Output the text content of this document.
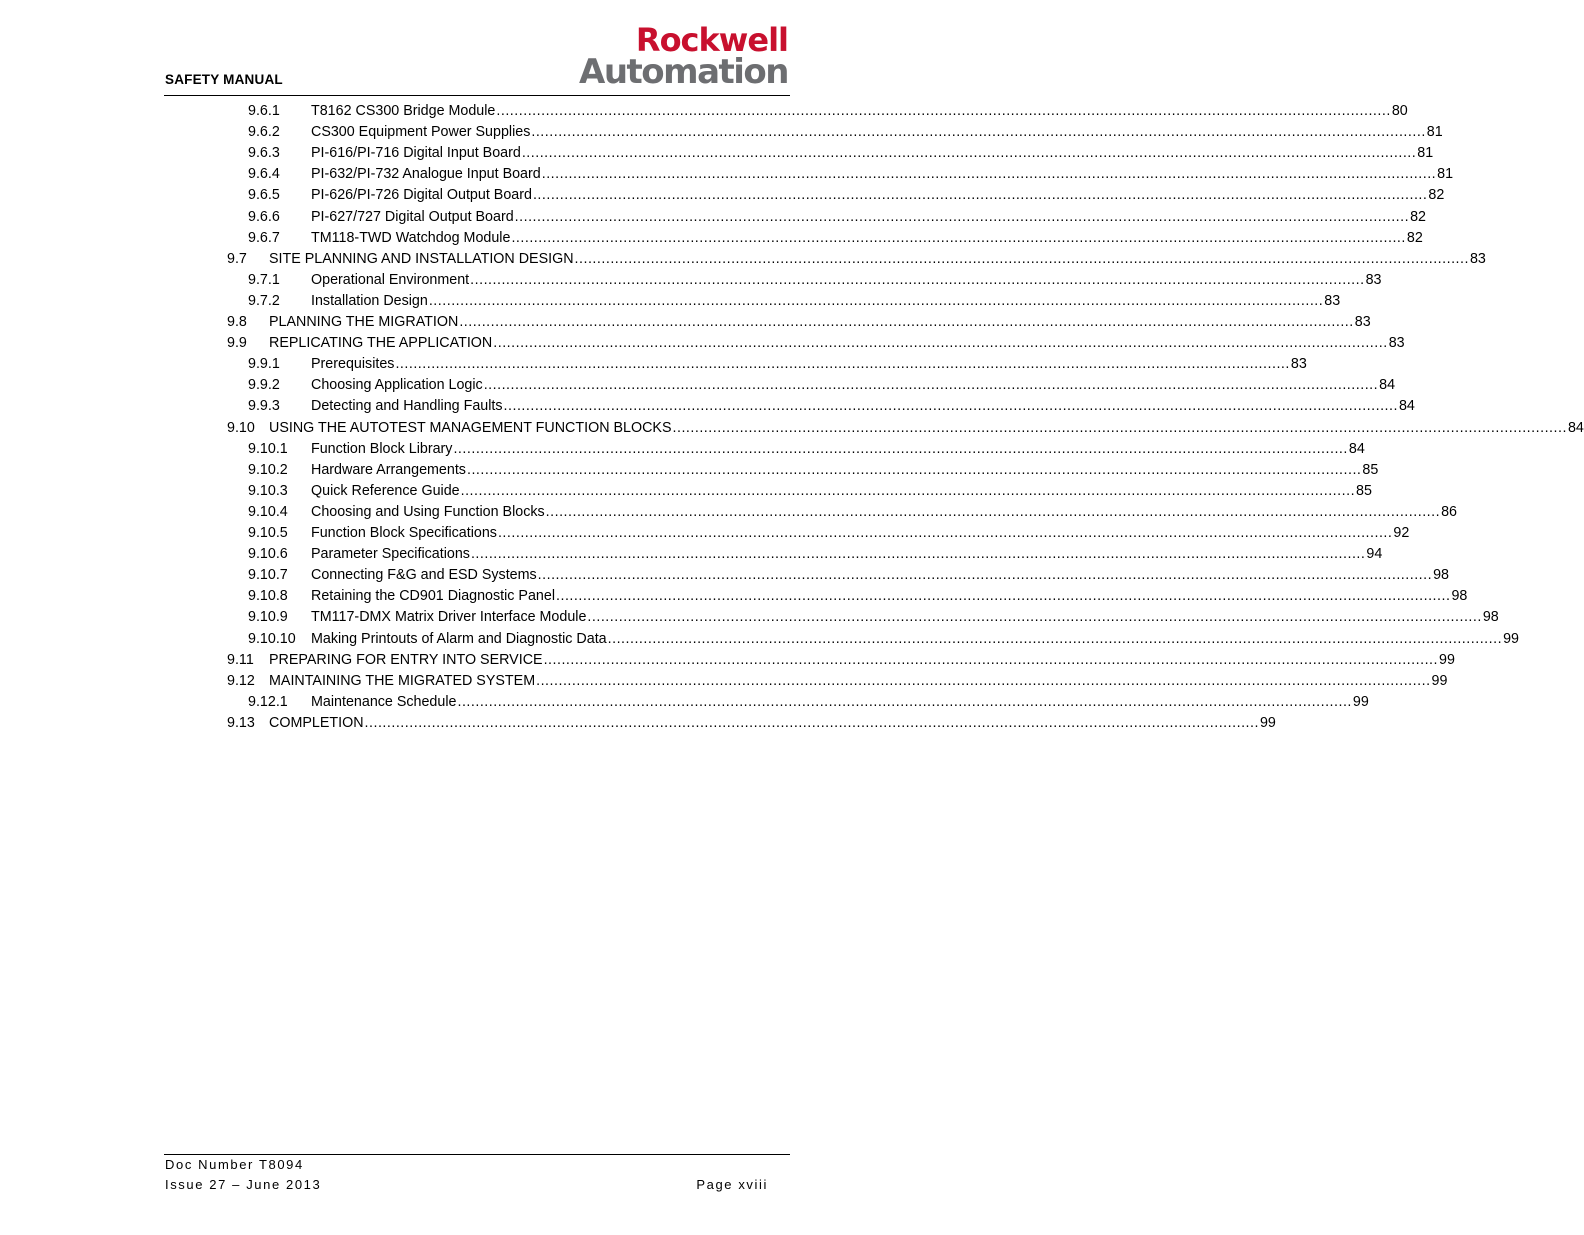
SAFETY MANUAL
Rockwell
Automation
9.6.1 T8162 CS300 Bridge Module ........................................................................................................................................................................................................ 80
9.6.2 CS300 Equipment Power Supplies ........................................................................................................................................................................................................ 81
9.6.3 PI-616/PI-716 Digital Input Board ........................................................................................................................................................................................................ 81
9.6.4 PI-632/PI-732 Analogue Input Board ........................................................................................................................................................................................................ 81
9.6.5 PI-626/PI-726 Digital Output Board ........................................................................................................................................................................................................ 82
9.6.6 PI-627/727 Digital Output Board ........................................................................................................................................................................................................ 82
9.6.7 TM118-TWD Watchdog Module ........................................................................................................................................................................................................ 82
9.7 SITE PLANNING AND INSTALLATION DESIGN ........................................................................................................................................................................................................ 83
9.7.1 Operational Environment ........................................................................................................................................................................................................ 83
9.7.2 Installation Design ........................................................................................................................................................................................................ 83
9.8 PLANNING THE MIGRATION ........................................................................................................................................................................................................ 83
9.9 REPLICATING THE APPLICATION ........................................................................................................................................................................................................ 83
9.9.1 Prerequisites ........................................................................................................................................................................................................ 83
9.9.2 Choosing Application Logic ........................................................................................................................................................................................................ 84
9.9.3 Detecting and Handling Faults ........................................................................................................................................................................................................ 84
9.10 USING THE AUTOTEST MANAGEMENT FUNCTION BLOCKS ........................................................................................................................................................................................................ 84
9.10.1 Function Block Library ........................................................................................................................................................................................................ 84
9.10.2 Hardware Arrangements ........................................................................................................................................................................................................ 85
9.10.3 Quick Reference Guide ........................................................................................................................................................................................................ 85
9.10.4 Choosing and Using Function Blocks ........................................................................................................................................................................................................ 86
9.10.5 Function Block Specifications ........................................................................................................................................................................................................ 92
9.10.6 Parameter Specifications ........................................................................................................................................................................................................ 94
9.10.7 Connecting F&G and ESD Systems ........................................................................................................................................................................................................ 98
9.10.8 Retaining the CD901 Diagnostic Panel ........................................................................................................................................................................................................ 98
9.10.9 TM117-DMX Matrix Driver Interface Module ........................................................................................................................................................................................................ 98
9.10.10 Making Printouts of Alarm and Diagnostic Data ........................................................................................................................................................................................................ 99
9.11 PREPARING FOR ENTRY INTO SERVICE ........................................................................................................................................................................................................ 99
9.12 MAINTAINING THE MIGRATED SYSTEM ........................................................................................................................................................................................................ 99
9.12.1 Maintenance Schedule ........................................................................................................................................................................................................ 99
9.13 COMPLETION ........................................................................................................................................................................................................ 99
Doc Number T8094
Issue 27 – June 2013	Page xviii
